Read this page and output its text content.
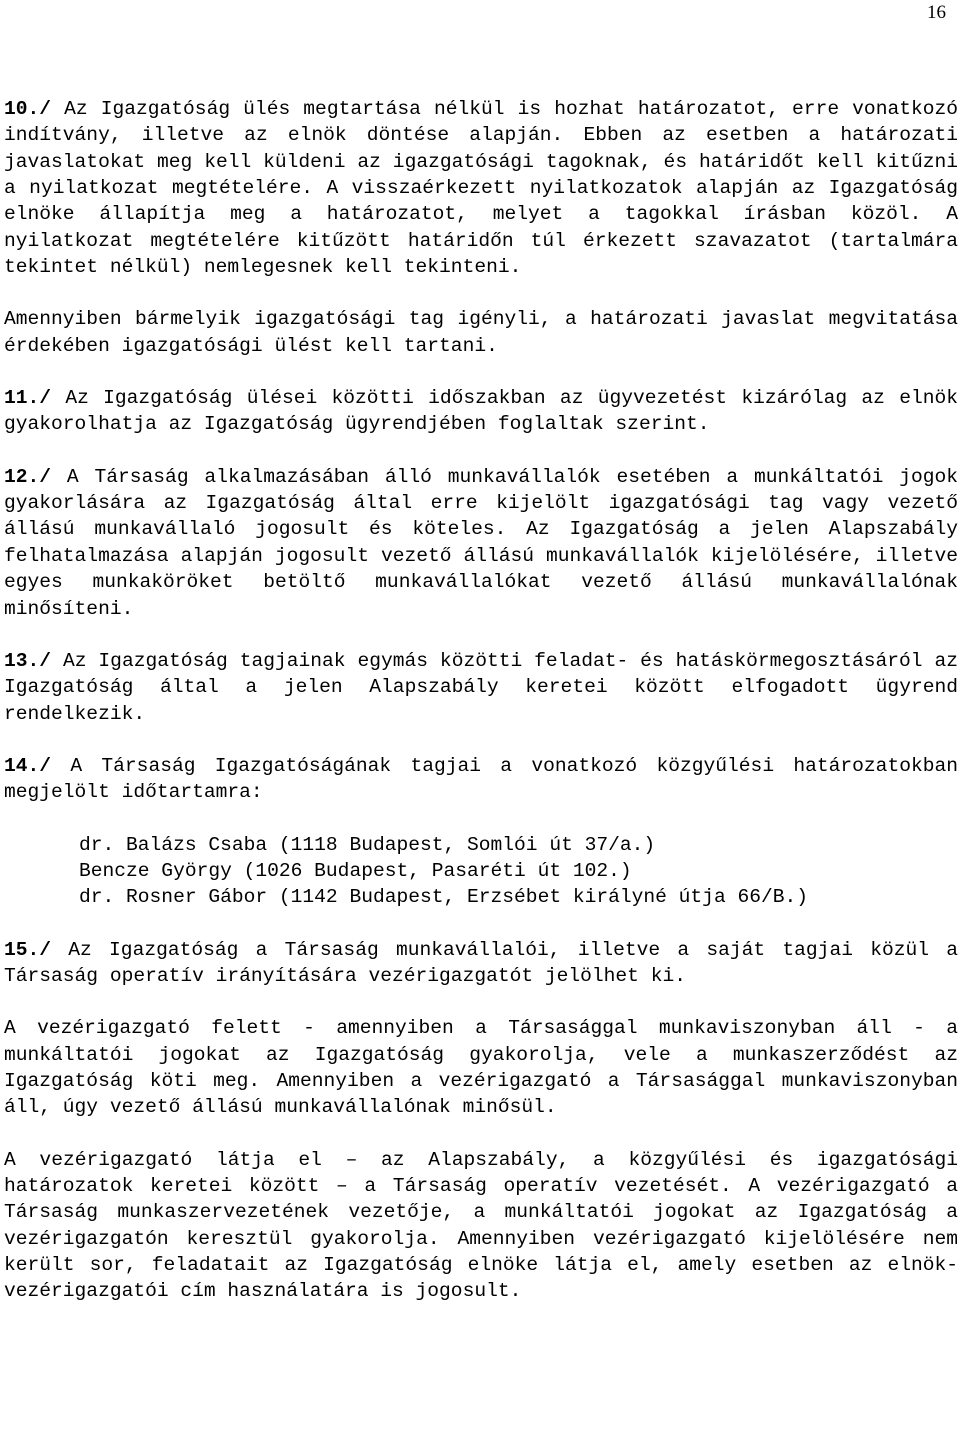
16

10./ Az Igazgatóság ülés megtartása nélkül is hozhat határozatot, erre vonatkozó indítvány, illetve az elnök döntése alapján. Ebben az esetben a határozati javaslatokat meg kell küldeni az igazgatósági tagoknak, és határidőt kell kitűzni a nyilatkozat megtételére. A visszaérkezett nyilatkozatok alapján az Igazgatóság elnöke állapítja meg a határozatot, melyet a tagokkal írásban közöl. A nyilatkozat megtételére kitűzött határidőn túl érkezett szavazatot (tartalmára tekintet nélkül) nemlegesnek kell tekinteni.

Amennyiben bármelyik igazgatósági tag igényli, a határozati javaslat megvitatása érdekében igazgatósági ülést kell tartani.

11./ Az Igazgatóság ülései közötti időszakban az ügyvezetést kizárólag az elnök gyakorolhatja az Igazgatóság ügyrendjében foglaltak szerint.

12./ A Társaság alkalmazásában álló munkavállalók esetében a munkáltatói jogok gyakorlására az Igazgatóság által erre kijelölt igazgatósági tag vagy vezető állású munkavállaló jogosult és köteles. Az Igazgatóság a jelen Alapszabály felhatalmazása alapján jogosult vezető állású munkavállalók kijelölésére, illetve egyes munkaköröket betöltő munkavállalókat vezető állású munkavállalónak minősíteni.

13./ Az Igazgatóság tagjainak egymás közötti feladat- és hatáskörmegosztásáról az Igazgatóság által a jelen Alapszabály keretei között elfogadott ügyrend rendelkezik.

14./ A Társaság Igazgatóságának tagjai a vonatkozó közgyűlési határozatokban megjelölt időtartamra:

dr. Balázs Csaba (1118 Budapest, Somlói út 37/a.)
Bencze György (1026 Budapest, Pasaréti út 102.)
dr. Rosner Gábor (1142 Budapest, Erzsébet királyné útja 66/B.)

15./ Az Igazgatóság a Társaság munkavállalói, illetve a saját tagjai közül a Társaság operatív irányítására vezérigazgatót jelölhet ki.

A vezérigazgató felett - amennyiben a Társasággal munkaviszonyban áll - a munkáltatói jogokat az Igazgatóság gyakorolja, vele a munkaszerződést az Igazgatóság köti meg. Amennyiben a vezérigazgató a Társasággal munkaviszonyban áll, úgy vezető állású munkavállalónak minősül.

A vezérigazgató látja el – az Alapszabály, a közgyűlési és igazgatósági határozatok keretei között – a Társaság operatív vezetését. A vezérigazgató a Társaság munkaszervezetének vezetője, a munkáltatói jogokat az Igazgatóság a vezérigazgatón keresztül gyakorolja. Amennyiben vezérigazgató kijelölésére nem került sor, feladatait az Igazgatóság elnöke látja el, amely esetben az elnök-vezérigazgatói cím használatára is jogosult.
